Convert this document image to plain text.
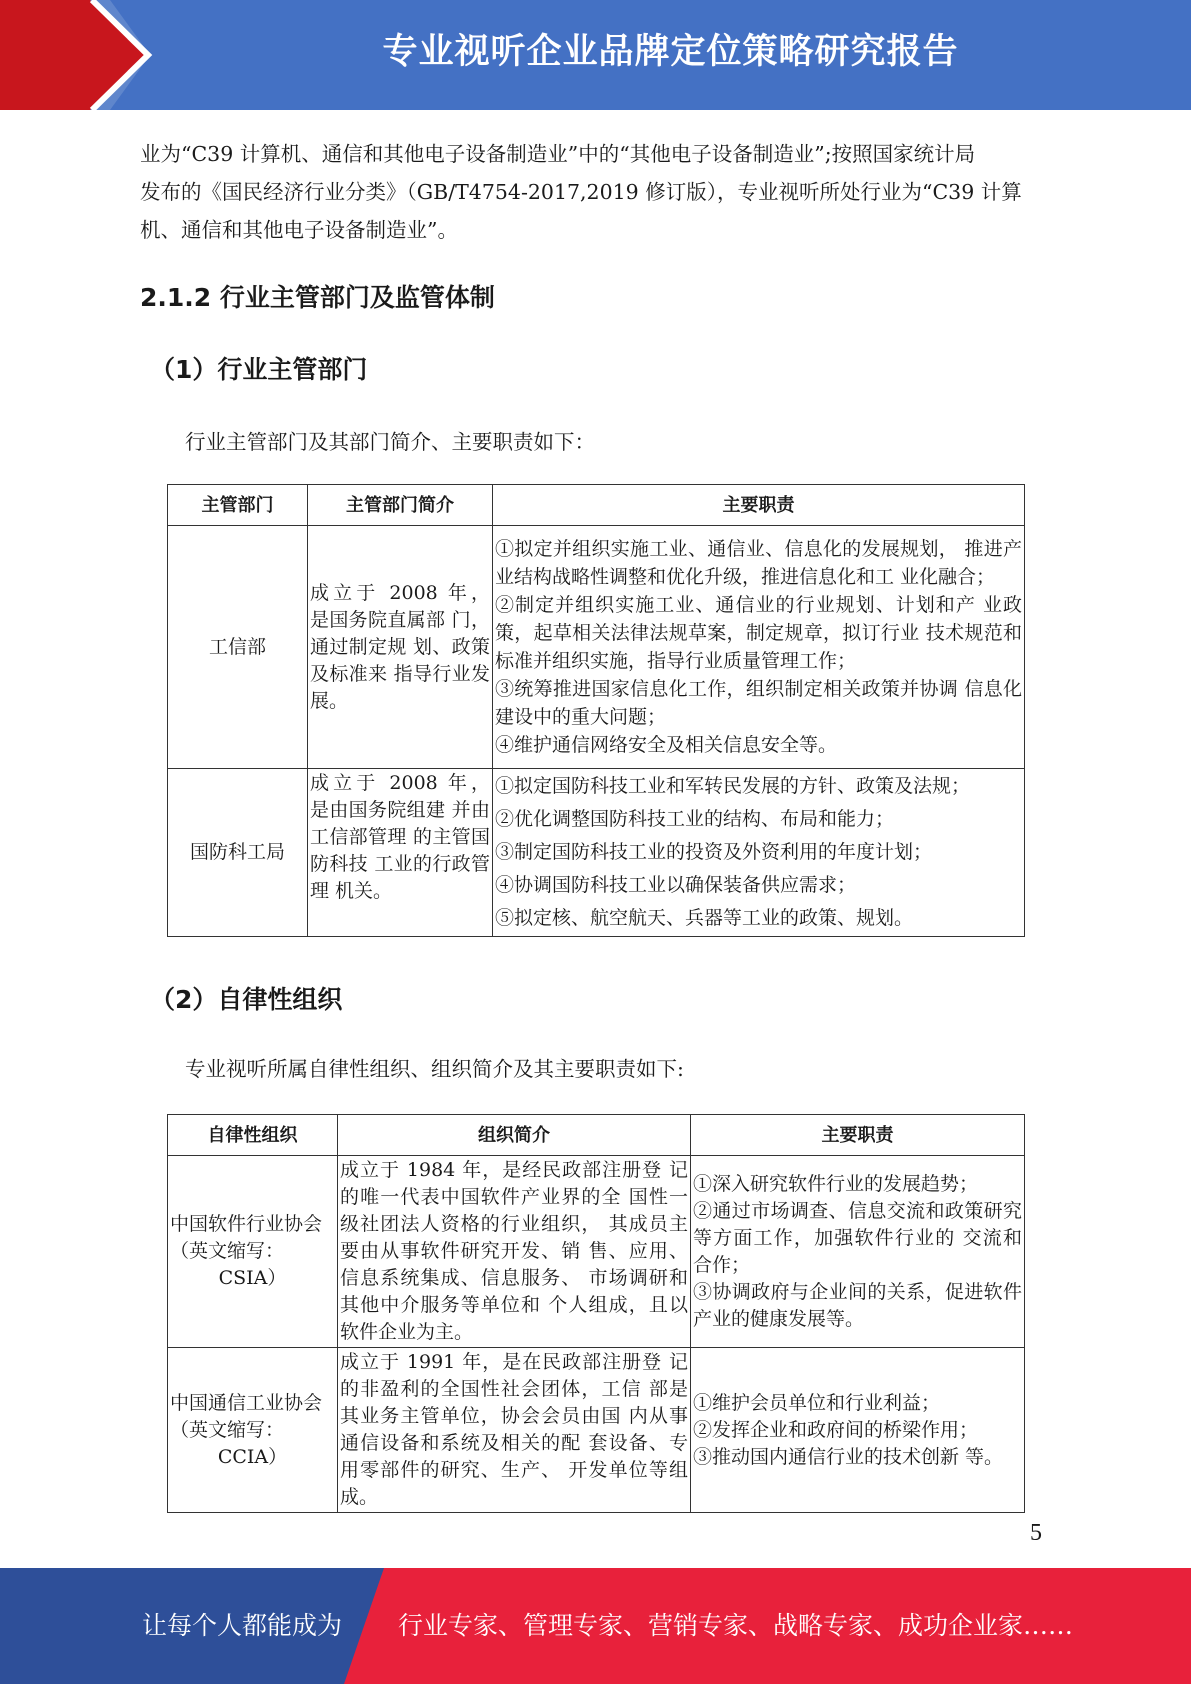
专业视听企业品牌定位策略研究报告

业为“C39 计算机、通信和其他电子设备制造业”中的“其他电子设备制造业”;按照国家统计局
发布的《国民经济行业分类》（GB/T4754-2017,2019 修订版），专业视听所处行业为“C39 计算
机、通信和其他电子设备制造业”。

2.1.2 行业主管部门及监管体制
（1）行业主管部门

行业主管部门及其部门简介、主要职责如下：

主管部门	主管部门简介	主要职责
工信部	成立于 2008 年， 是国务院直属部 门，通过制定规 划、政策及标准来 指导行业发展。	①拟定并组织实施工业、通信业、信息化的发展规划， 推进产业结构战略性调整和优化升级，推进信息化和工 业化融合；
②制定并组织实施工业、通信业的行业规划、计划和产 业政策，起草相关法律法规草案，制定规章，拟订行业 技术规范和标准并组织实施，指导行业质量管理工作；
③统筹推进国家信息化工作，组织制定相关政策并协调 信息化建设中的重大问题；
④维护通信网络安全及相关信息安全等。

国防科工局	成立于 2008 年， 是由国务院组建 并由工信部管理 的主管国防科技 工业的行政管理 机关。	①拟定国防科技工业和军转民发展的方针、政策及法规；
②优化调整国防科技工业的结构、布局和能力；
③制定国防科技工业的投资及外资利用的年度计划；
④协调国防科技工业以确保装备供应需求；
⑤拟定核、航空航天、兵器等工业的政策、规划。
（2）自律性组织

专业视听所属自律性组织、组织简介及其主要职责如下:

自律性组织	组织简介	主要职责

中国软件行业协会（英文缩写：
CSIA）	成立于 1984 年，是经民政部注册登 记的唯一代表中国软件产业界的全 国性一级社团法人资格的行业组织， 其成员主要由从事软件研究开发、销 售、应用、信息系统集成、信息服务、 市场调研和其他中介服务等单位和 个人组成，且以软件企业为主。	①深入研究软件行业的发展趋势；
②通过市场调查、信息交流和政策研究等方面工作，加强软件行业的 交流和合作；
③协调政府与企业间的关系，促进软件产业的健康发展等。

中国通信工业协会（英文缩写：
CCIA）	成立于 1991 年，是在民政部注册登 记的非盈利的全国性社会团体，工信 部是其业务主管单位，协会会员由国 内从事通信设备和系统及相关的配 套设备、专用零部件的研究、生产、 开发单位等组成。	①维护会员单位和行业利益；
②发挥企业和政府间的桥梁作用；
③推动国内通信行业的技术创新 等。
5
让每个人都能成为 行业专家、管理专家、营销专家、战略专家、成功企业家……
